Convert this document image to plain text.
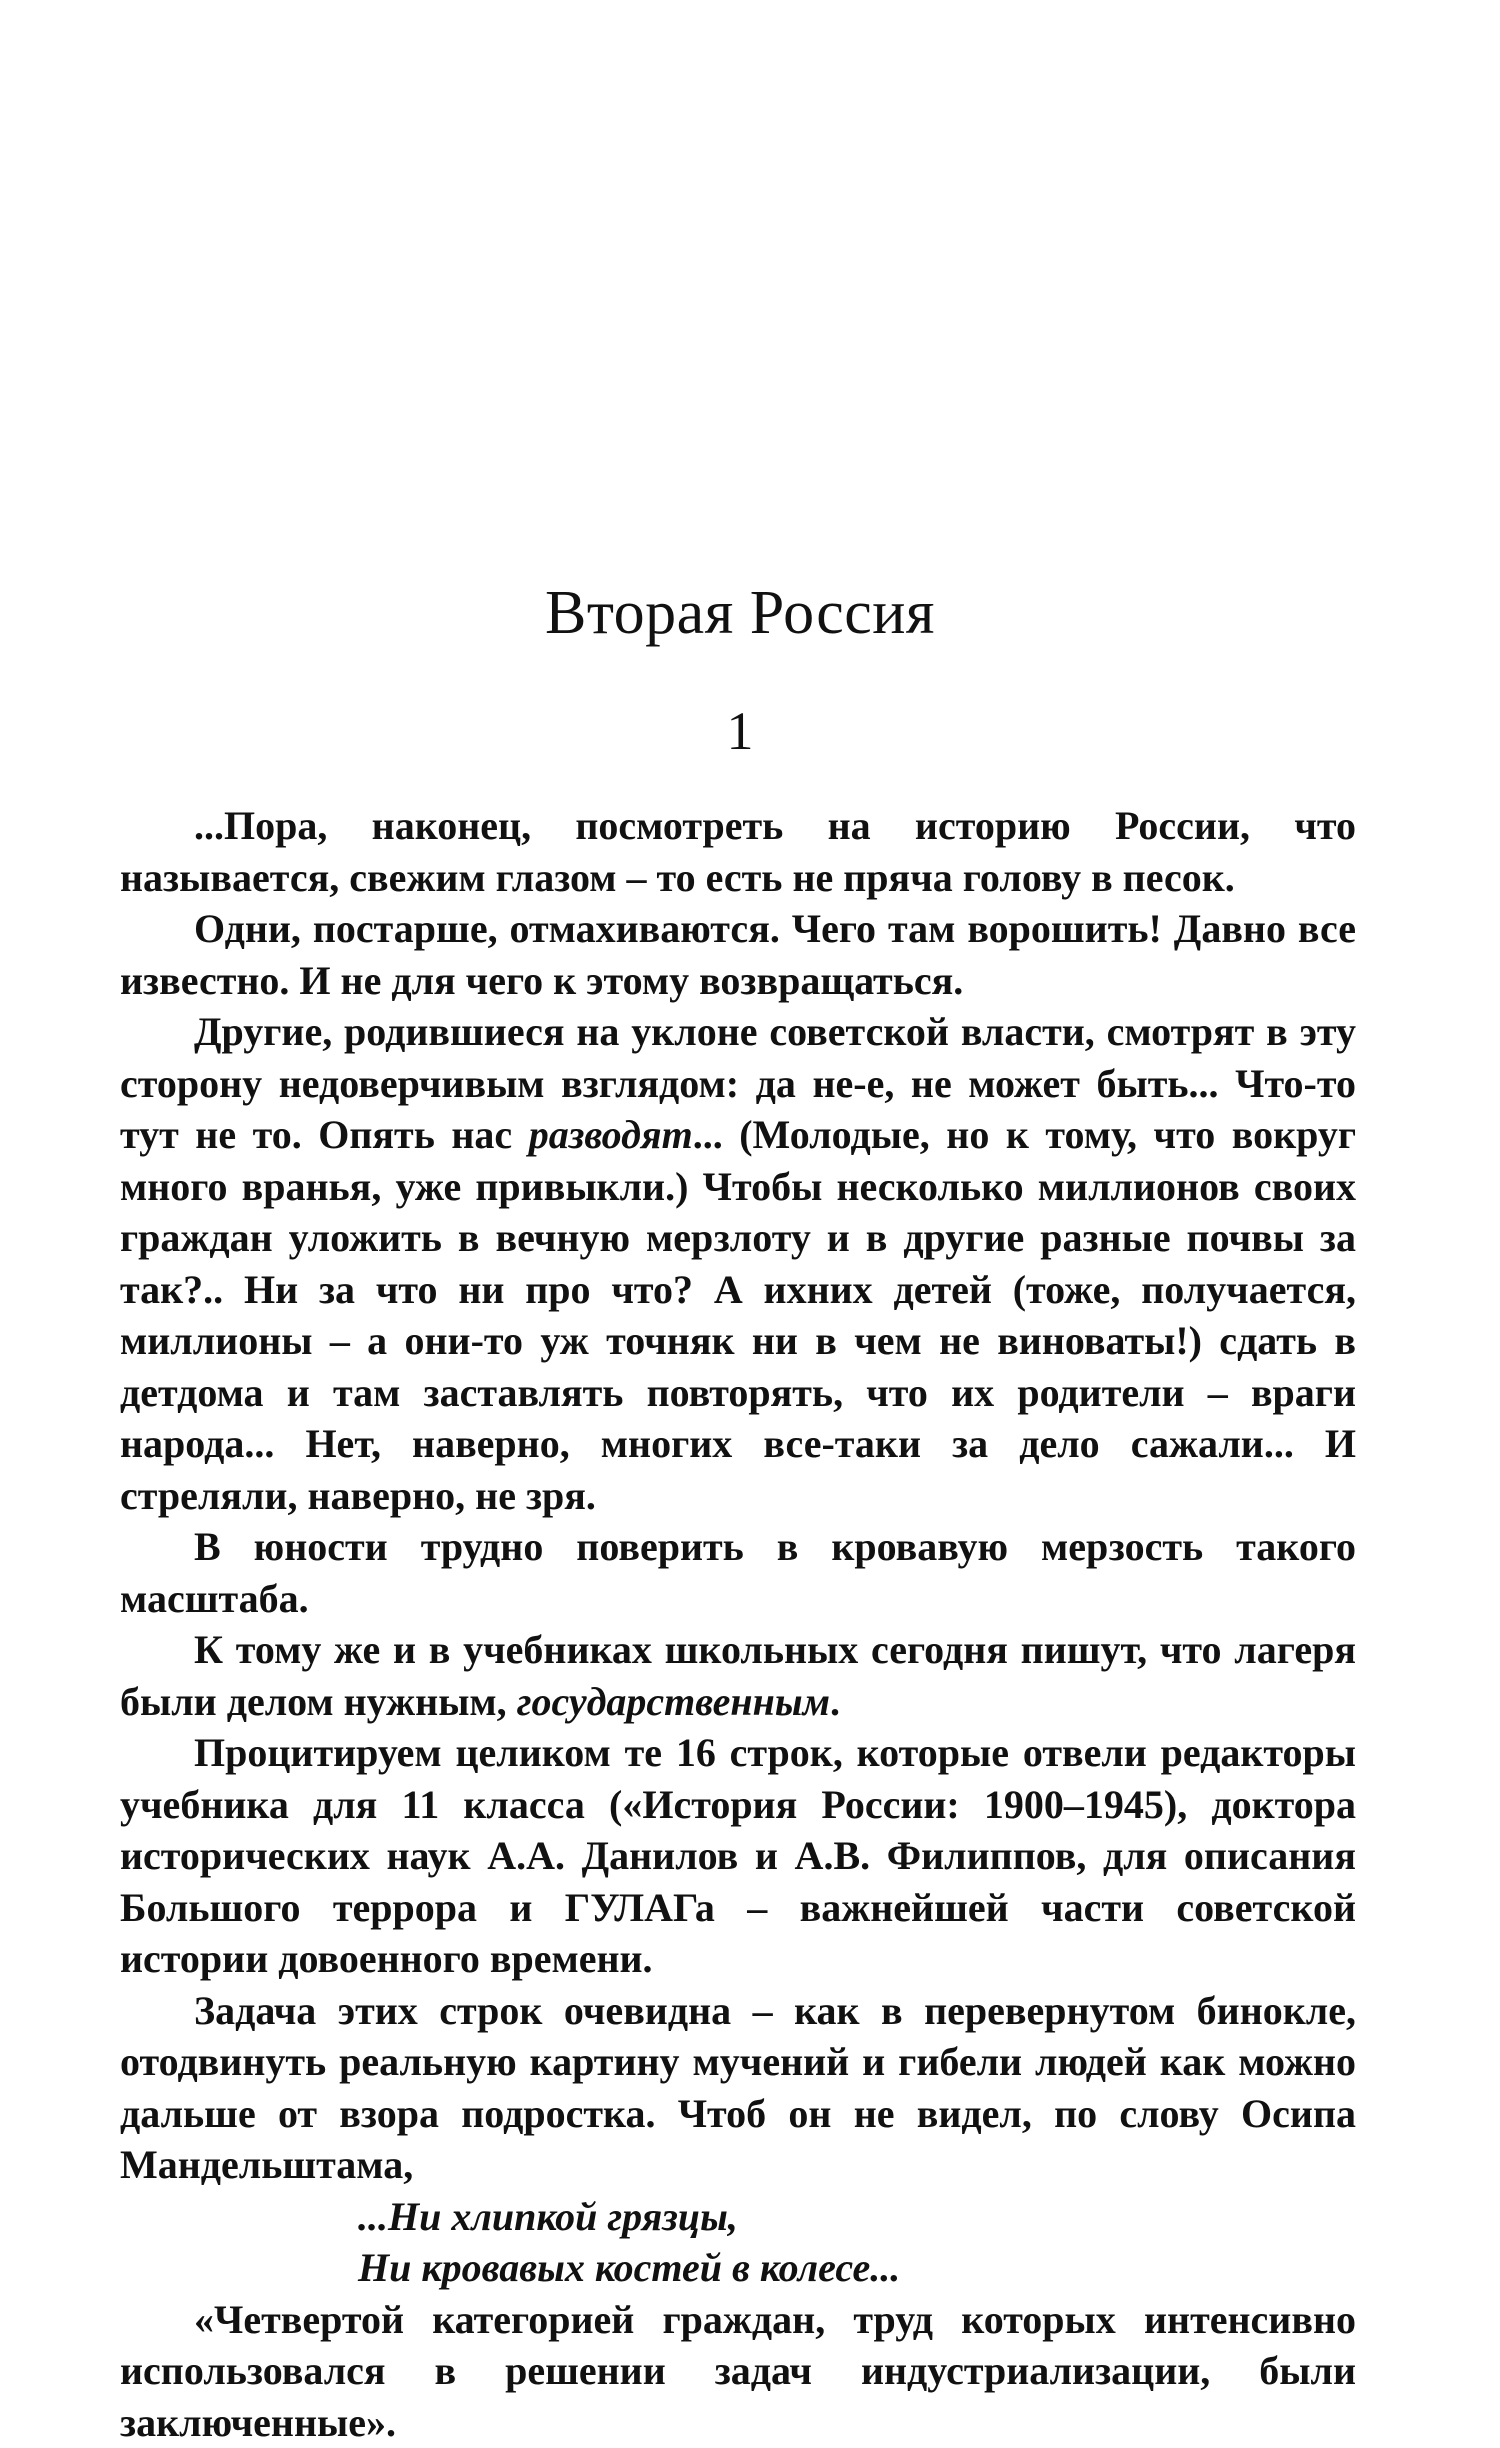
Вторая Россия
1

...Пора, наконец, посмотреть на историю России, что называется, свежим глазом – то есть не пряча голову в песок.

Одни, постарше, отмахиваются. Чего там ворошить! Давно все известно. И не для чего к этому возвращаться.

Другие, родившиеся на уклоне советской власти, смотрят в эту сторону недоверчивым взглядом: да не-е, не может быть... Что-то тут не то. Опять нас разводят... (Молодые, но к тому, что вокруг много вранья, уже привыкли.) Чтобы несколько миллионов своих граждан уложить в вечную мерзлоту и в другие разные почвы за так?.. Ни за что ни про что? А ихних детей (тоже, получается, миллионы – а они-то уж точняк ни в чем не виноваты!) сдать в детдома и там заставлять повторять, что их родители – враги народа... Нет, наверно, многих все-таки за дело сажали... И стреляли, наверно, не зря.

В юности трудно поверить в кровавую мерзость такого масштаба.

К тому же и в учебниках школьных сегодня пишут, что лагеря были делом нужным, государственным.

Процитируем целиком те 16 строк, которые отвели редакторы учебника для 11 класса («История России: 1900–1945), доктора исторических наук А.А. Данилов и А.В. Филиппов, для описания Большого террора и ГУЛАГа – важнейшей части советской истории довоенного времени.

Задача этих строк очевидна – как в перевернутом бинокле, отодвинуть реальную картину мучений и гибели людей как можно дальше от взора подростка. Чтоб он не видел, по слову Осипа Мандельштама,

...Ни хлипкой грязцы,
Ни кровавых костей в колесе...

«Четвертой категорией граждан, труд которых интенсивно использовался в решении задач индустриализации, были заключенные».
